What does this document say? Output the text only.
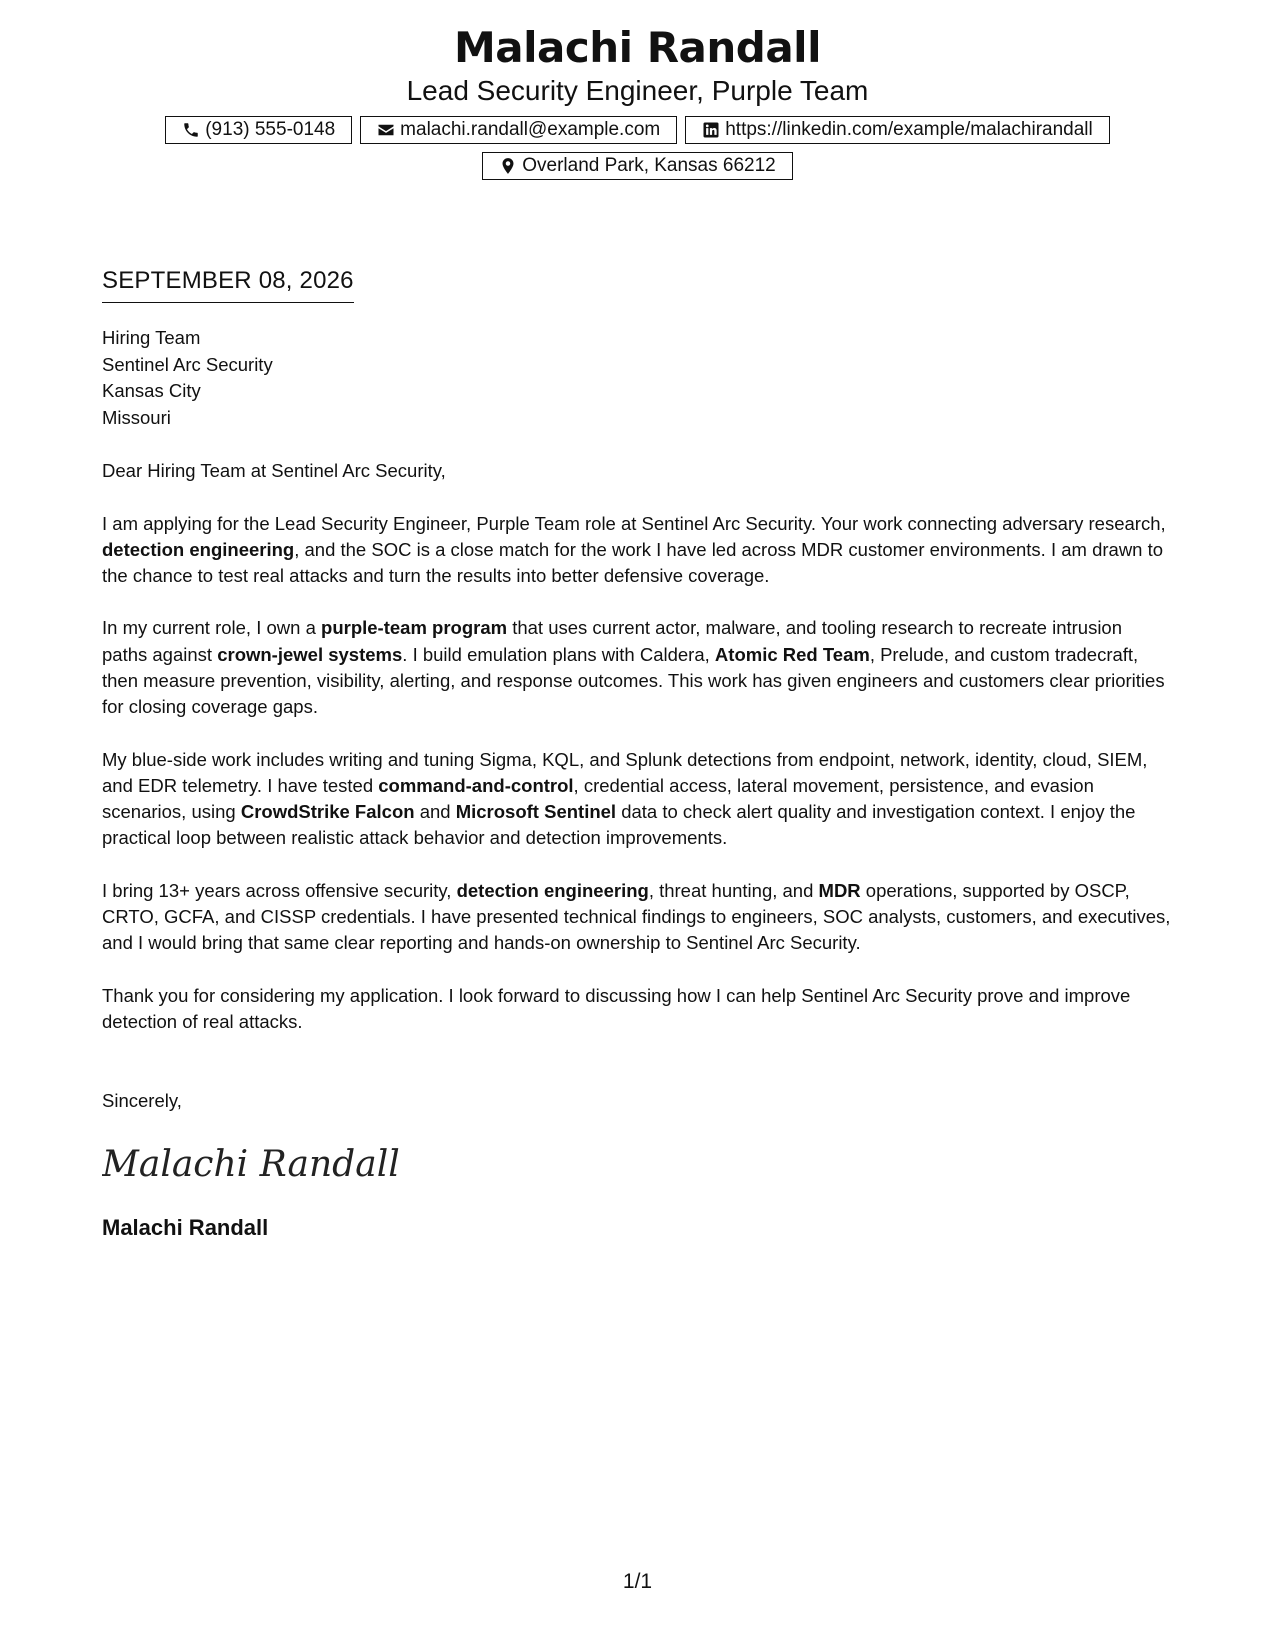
Malachi Randall
Lead Security Engineer, Purple Team
(913) 555-0148	malachi.randall@example.com	https://linkedin.com/example/malachirandall
Overland Park, Kansas 66212
SEPTEMBER 08, 2026
Hiring Team
Sentinel Arc Security
Kansas City
Missouri
Dear Hiring Team at Sentinel Arc Security,

I am applying for the Lead Security Engineer, Purple Team role at Sentinel Arc Security. Your work connecting adversary research, detection engineering, and the SOC is a close match for the work I have led across MDR customer environments. I am drawn to the chance to test real attacks and turn the results into better defensive coverage.

In my current role, I own a purple-team program that uses current actor, malware, and tooling research to recreate intrusion paths against crown-jewel systems. I build emulation plans with Caldera, Atomic Red Team, Prelude, and custom tradecraft, then measure prevention, visibility, alerting, and response outcomes. This work has given engineers and customers clear priorities for closing coverage gaps.

My blue-side work includes writing and tuning Sigma, KQL, and Splunk detections from endpoint, network, identity, cloud, SIEM, and EDR telemetry. I have tested command-and-control, credential access, lateral movement, persistence, and evasion scenarios, using CrowdStrike Falcon and Microsoft Sentinel data to check alert quality and investigation context. I enjoy the practical loop between realistic attack behavior and detection improvements.

I bring 13+ years across offensive security, detection engineering, threat hunting, and MDR operations, supported by OSCP, CRTO, GCFA, and CISSP credentials. I have presented technical findings to engineers, SOC analysts, customers, and executives, and I would bring that same clear reporting and hands-on ownership to Sentinel Arc Security.

Thank you for considering my application. I look forward to discussing how I can help Sentinel Arc Security prove and improve detection of real attacks.

Sincerely,
Malachi Randall
Malachi Randall
1/1
